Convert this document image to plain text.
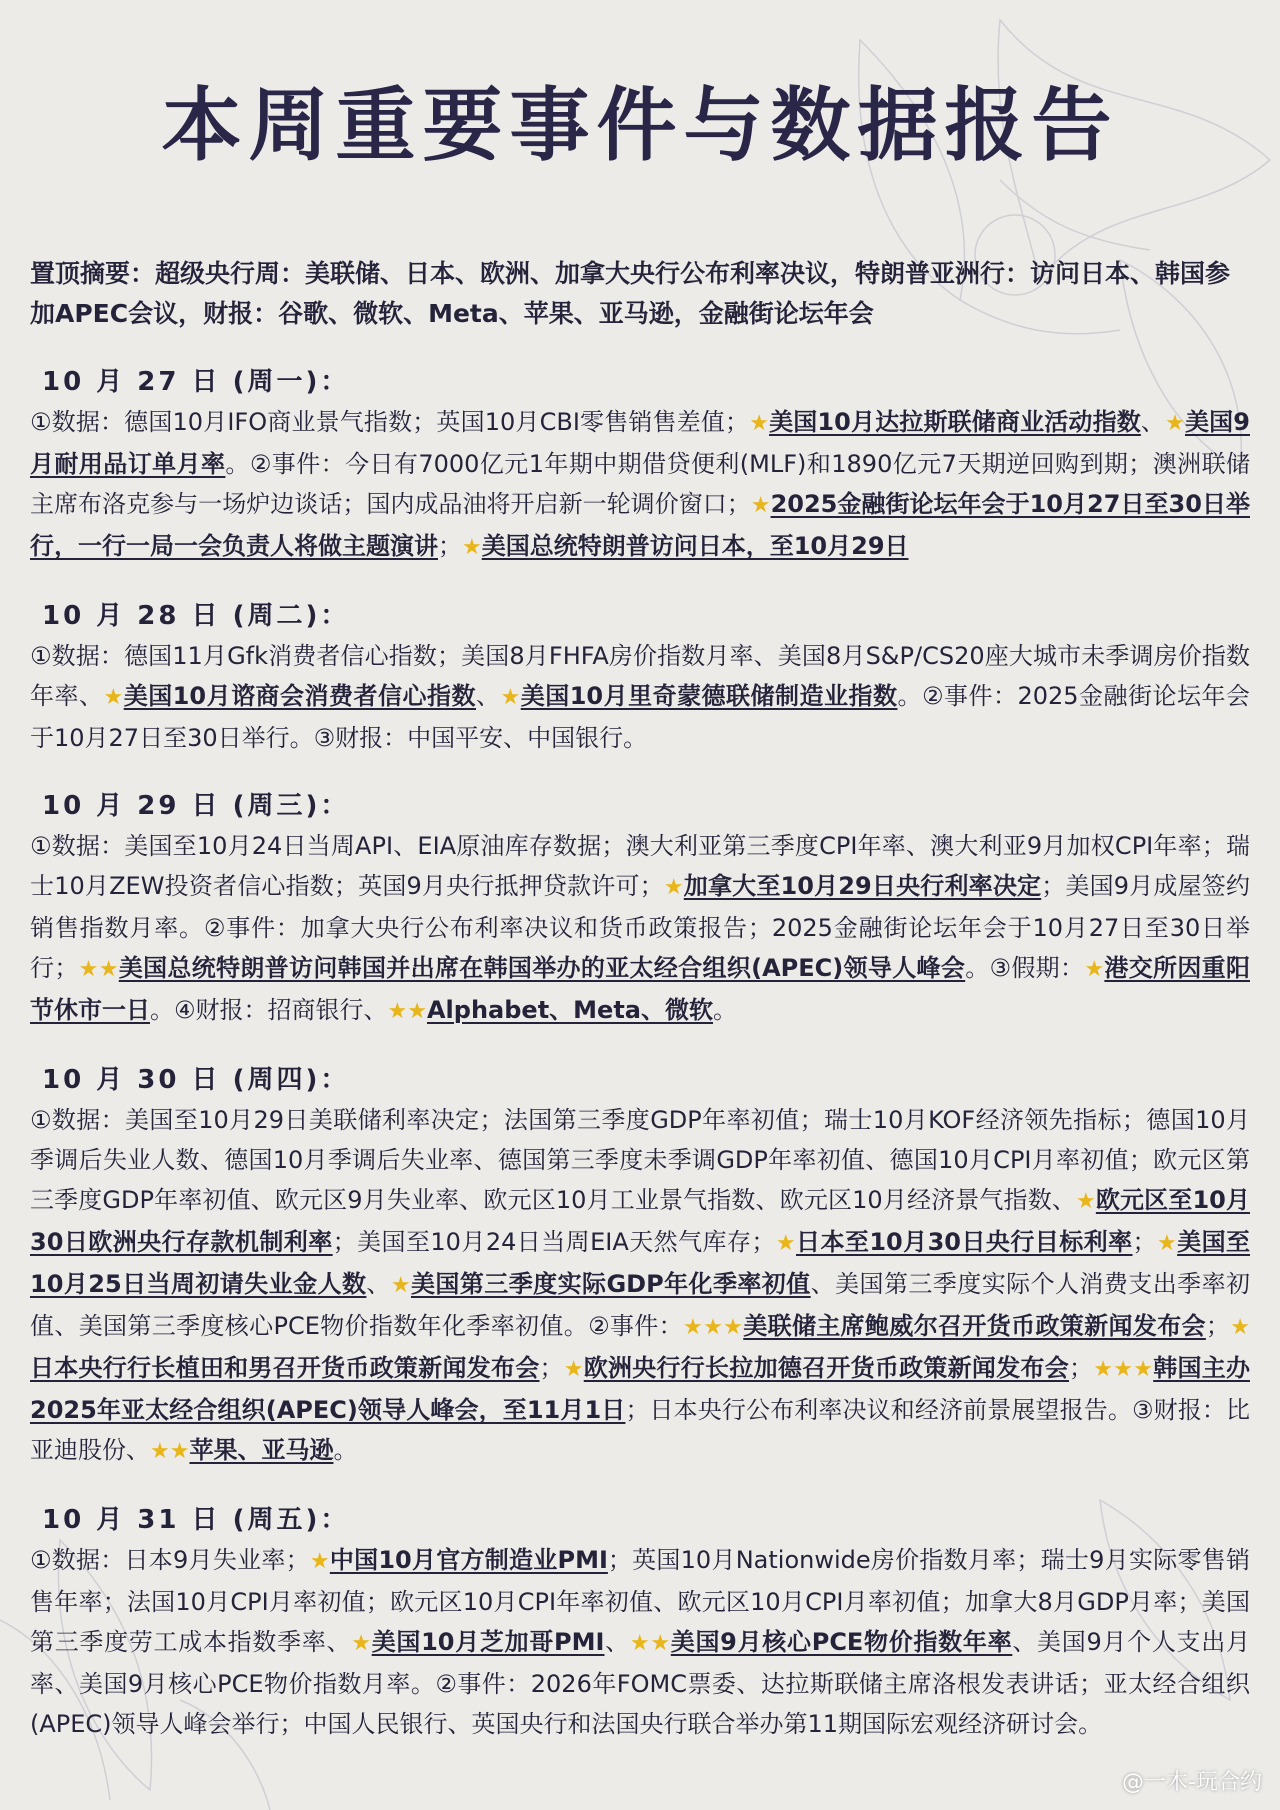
本周重要事件与数据报告
置顶摘要：超级央行周：美联储、日本、欧洲、加拿大央行公布利率决议，特朗普亚洲行：访问日本、韩国参加APEC会议，财报：谷歌、微软、Meta、苹果、亚马逊，金融街论坛年会
10 月 27 日 (周一)：
①数据：德国10月IFO商业景气指数；英国10月CBI零售销售差值；★美国10月达拉斯联储商业活动指数、★美国9月耐用品订单月率。②事件：今日有7000亿元1年期中期借贷便利(MLF)和1890亿元7天期逆回购到期；澳洲联储主席布洛克参与一场炉边谈话；国内成品油将开启新一轮调价窗口；★2025金融街论坛年会于10月27日至30日举行，一行一局一会负责人将做主题演讲；★美国总统特朗普访问日本，至10月29日
10 月 28 日 (周二)：
①数据：德国11月Gfk消费者信心指数；美国8月FHFA房价指数月率、美国8月S&P/CS20座大城市未季调房价指数年率、★美国10月谘商会消费者信心指数、★美国10月里奇蒙德联储制造业指数。②事件：2025金融街论坛年会于10月27日至30日举行。③财报：中国平安、中国银行。
10 月 29 日 (周三)：
①数据：美国至10月24日当周API、EIA原油库存数据；澳大利亚第三季度CPI年率、澳大利亚9月加权CPI年率；瑞士10月ZEW投资者信心指数；英国9月央行抵押贷款许可；★加拿大至10月29日央行利率决定；美国9月成屋签约销售指数月率。②事件：加拿大央行公布利率决议和货币政策报告；2025金融街论坛年会于10月27日至30日举行；★★美国总统特朗普访问韩国并出席在韩国举办的亚太经合组织(APEC)领导人峰会。③假期：★港交所因重阳节休市一日。④财报：招商银行、★★Alphabet、Meta、微软。
10 月 30 日 (周四)：
①数据：美国至10月29日美联储利率决定；法国第三季度GDP年率初值；瑞士10月KOF经济领先指标；德国10月季调后失业人数、德国10月季调后失业率、德国第三季度未季调GDP年率初值、德国10月CPI月率初值；欧元区第三季度GDP年率初值、欧元区9月失业率、欧元区10月工业景气指数、欧元区10月经济景气指数、★欧元区至10月30日欧洲央行存款机制利率；美国至10月24日当周EIA天然气库存；★日本至10月30日央行目标利率；★美国至10月25日当周初请失业金人数、★美国第三季度实际GDP年化季率初值、美国第三季度实际个人消费支出季率初值、美国第三季度核心PCE物价指数年化季率初值。②事件：★★★美联储主席鲍威尔召开货币政策新闻发布会；★日本央行行长植田和男召开货币政策新闻发布会；★欧洲央行行长拉加德召开货币政策新闻发布会；★★★韩国主办2025年亚太经合组织(APEC)领导人峰会，至11月1日；日本央行公布利率决议和经济前景展望报告。③财报：比亚迪股份、★★苹果、亚马逊。
10 月 31 日 (周五)：
①数据：日本9月失业率；★中国10月官方制造业PMI；英国10月Nationwide房价指数月率；瑞士9月实际零售销售年率；法国10月CPI月率初值；欧元区10月CPI年率初值、欧元区10月CPI月率初值；加拿大8月GDP月率；美国第三季度劳工成本指数季率、★美国10月芝加哥PMI、★★美国9月核心PCE物价指数年率、美国9月个人支出月率、美国9月核心PCE物价指数月率。②事件：2026年FOMC票委、达拉斯联储主席洛根发表讲话；亚太经合组织(APEC)领导人峰会举行；中国人民银行、英国央行和法国央行联合举办第11期国际宏观经济研讨会。
@一木-玩合约
